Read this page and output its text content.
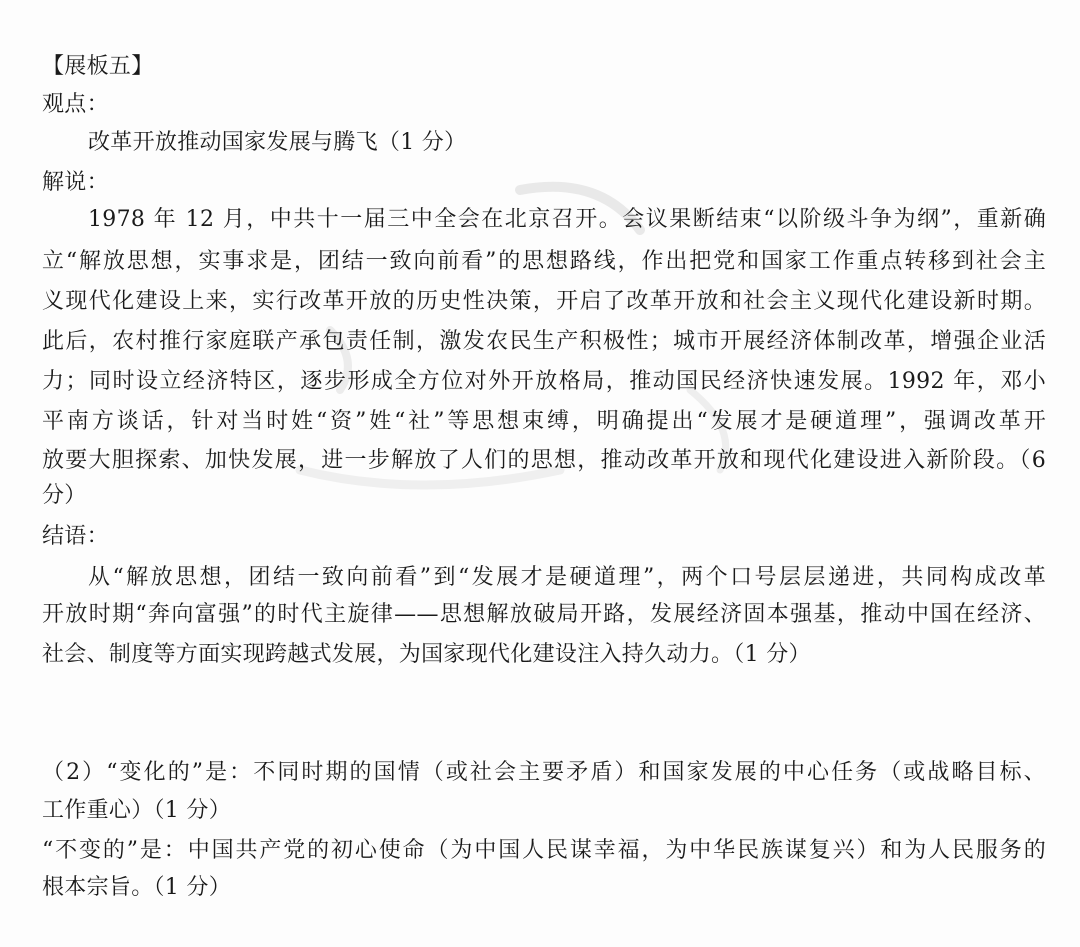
【展板五】
观点：
改革开放推动国家发展与腾飞（1 分）
解说：
1978 年 12 月，中共十一届三中全会在北京召开。会议果断结束“以阶级斗争为纲”，重新确
立“解放思想，实事求是，团结一致向前看”的思想路线，作出把党和国家工作重点转移到社会主
义现代化建设上来，实行改革开放的历史性决策，开启了改革开放和社会主义现代化建设新时期。
此后，农村推行家庭联产承包责任制，激发农民生产积极性；城市开展经济体制改革，增强企业活
力；同时设立经济特区，逐步形成全方位对外开放格局，推动国民经济快速发展。1992 年，邓小
平南方谈话，针对当时姓“资”姓“社”等思想束缚，明确提出“发展才是硬道理”，强调改革开
放要大胆探索、加快发展，进一步解放了人们的思想，推动改革开放和现代化建设进入新阶段。（6
分）
结语：
从“解放思想，团结一致向前看”到“发展才是硬道理”，两个口号层层递进，共同构成改革
开放时期“奔向富强”的时代主旋律——思想解放破局开路，发展经济固本强基，推动中国在经济、
社会、制度等方面实现跨越式发展，为国家现代化建设注入持久动力。（1 分）
（2）“变化的”是：不同时期的国情（或社会主要矛盾）和国家发展的中心任务（或战略目标、
工作重心）（1 分）
“不变的”是：中国共产党的初心使命（为中国人民谋幸福，为中华民族谋复兴）和为人民服务的
根本宗旨。（1 分）
